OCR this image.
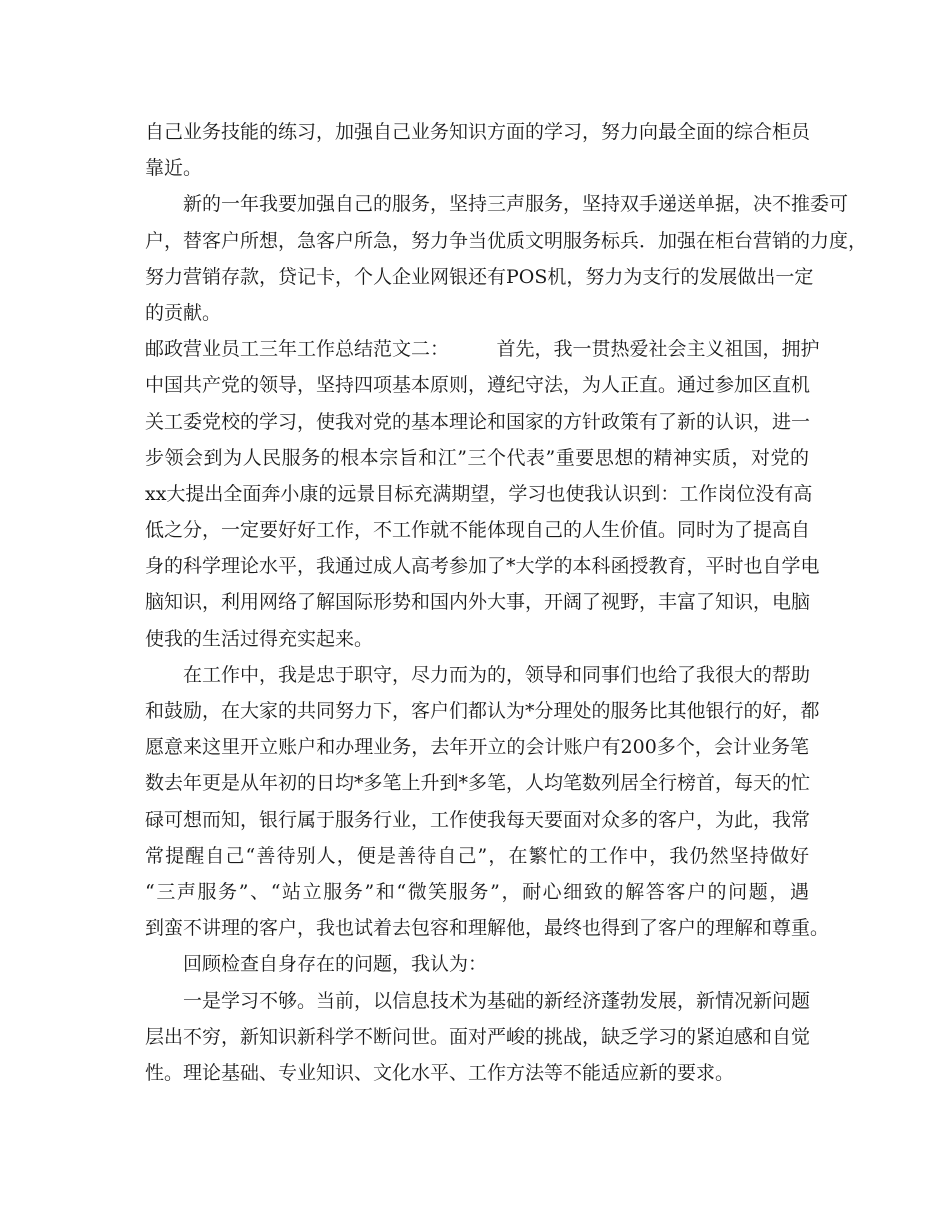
自己业务技能的练习，加强自己业务知识方面的学习，努力向最全面的综合柜员
靠近。
新的一年我要加强自己的服务，坚持三声服务，坚持双手递送单据，决不推委可
户，替客户所想，急客户所急，努力争当优质文明服务标兵．加强在柜台营销的力度，
努力营销存款，贷记卡，个人企业网银还有POS机，努力为支行的发展做出一定
的贡献。
邮政营业员工三年工作总结范文二：　　　首先，我一贯热爱社会主义祖国，拥护
中国共产党的领导，坚持四项基本原则，遵纪守法，为人正直。通过参加区直机
关工委党校的学习，使我对党的基本理论和国家的方针政策有了新的认识，进一
步领会到为人民服务的根本宗旨和江”三个代表”重要思想的精神实质，对党的
xx大提出全面奔小康的远景目标充满期望，学习也使我认识到：工作岗位没有高
低之分，一定要好好工作，不工作就不能体现自己的人生价值。同时为了提高自
身的科学理论水平，我通过成人高考参加了*大学的本科函授教育，平时也自学电
脑知识，利用网络了解国际形势和国内外大事，开阔了视野，丰富了知识，电脑
使我的生活过得充实起来。
在工作中，我是忠于职守，尽力而为的，领导和同事们也给了我很大的帮助
和鼓励，在大家的共同努力下，客户们都认为*分理处的服务比其他银行的好，都
愿意来这里开立账户和办理业务，去年开立的会计账户有200多个，会计业务笔
数去年更是从年初的日均*多笔上升到*多笔，人均笔数列居全行榜首，每天的忙
碌可想而知，银行属于服务行业，工作使我每天要面对众多的客户，为此，我常
常提醒自己“善待别人，便是善待自己”，在繁忙的工作中，我仍然坚持做好
“三声服务”、“站立服务”和“微笑服务”，耐心细致的解答客户的问题，遇
到蛮不讲理的客户，我也试着去包容和理解他，最终也得到了客户的理解和尊重。
回顾检查自身存在的问题，我认为：
一是学习不够。当前，以信息技术为基础的新经济蓬勃发展，新情况新问题
层出不穷，新知识新科学不断问世。面对严峻的挑战，缺乏学习的紧迫感和自觉
性。理论基础、专业知识、文化水平、工作方法等不能适应新的要求。
